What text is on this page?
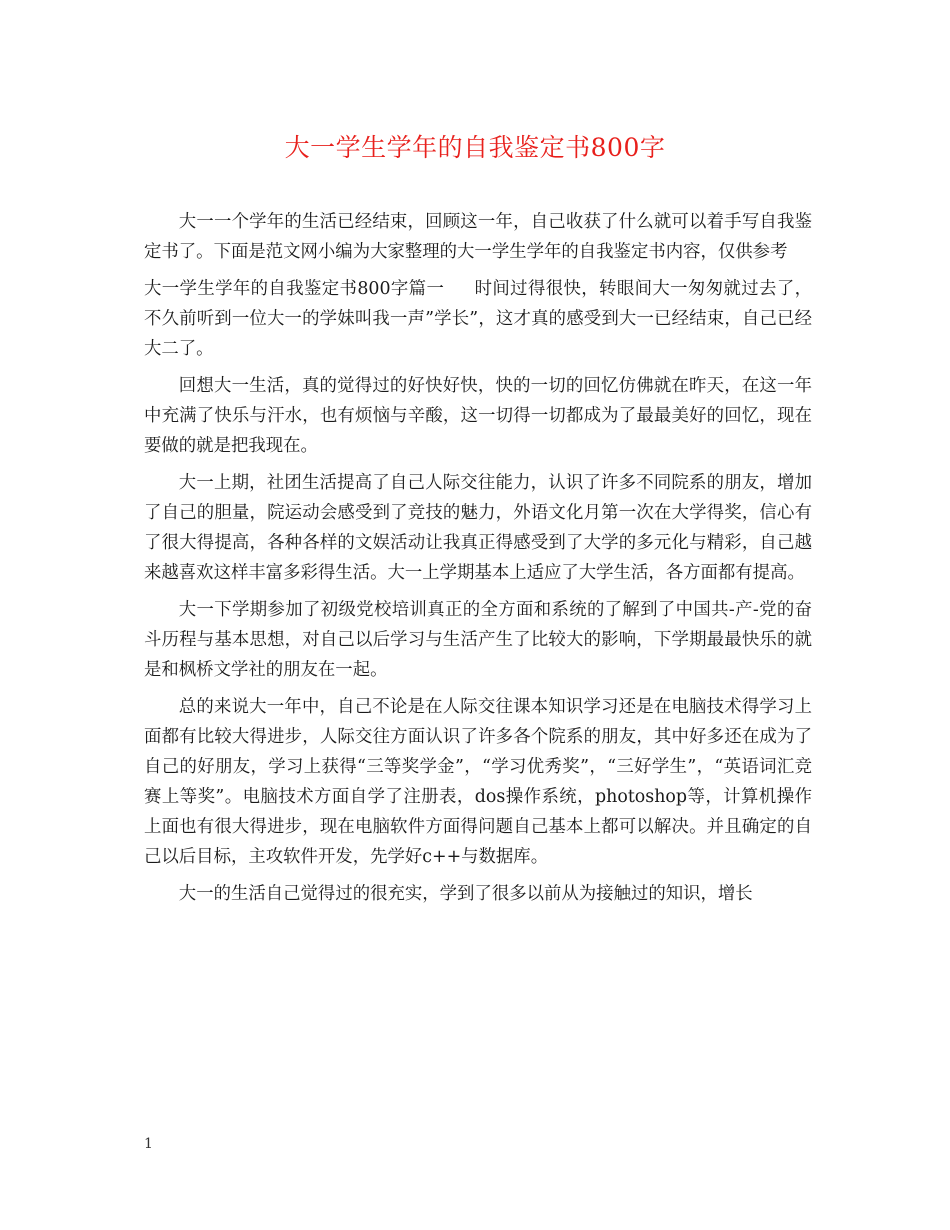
大一学生学年的自我鉴定书800字

大一一个学年的生活已经结束，回顾这一年，自己收获了什么就可以着手写自我鉴定书了。下面是范文网小编为大家整理的大一学生学年的自我鉴定书内容，仅供参考

大一学生学年的自我鉴定书800字篇一 时间过得很快，转眼间大一匆匆就过去了，不久前听到一位大一的学妹叫我一声”学长”，这才真的感受到大一已经结束，自己已经大二了。

回想大一生活，真的觉得过的好快好快，快的一切的回忆仿佛就在昨天，在这一年中充满了快乐与汗水，也有烦恼与辛酸，这一切得一切都成为了最最美好的回忆，现在要做的就是把我现在。

大一上期，社团生活提高了自己人际交往能力，认识了许多不同院系的朋友，增加了自己的胆量，院运动会感受到了竞技的魅力，外语文化月第一次在大学得奖，信心有了很大得提高，各种各样的文娱活动让我真正得感受到了大学的多元化与精彩，自己越来越喜欢这样丰富多彩得生活。大一上学期基本上适应了大学生活，各方面都有提高。

大一下学期参加了初级党校培训真正的全方面和系统的了解到了中国共-产-党的奋斗历程与基本思想，对自己以后学习与生活产生了比较大的影响，下学期最最快乐的就是和枫桥文学社的朋友在一起。

总的来说大一年中，自己不论是在人际交往课本知识学习还是在电脑技术得学习上面都有比较大得进步，人际交往方面认识了许多各个院系的朋友，其中好多还在成为了自己的好朋友，学习上获得“三等奖学金”，“学习优秀奖”，“三好学生”，“英语词汇竞赛上等奖”。电脑技术方面自学了注册表，dos操作系统，photoshop等，计算机操作上面也有很大得进步，现在电脑软件方面得问题自己基本上都可以解决。并且确定的自己以后目标，主攻软件开发，先学好c++与数据库。

大一的生活自己觉得过的很充实，学到了很多以前从为接触过的知识，增长

1
